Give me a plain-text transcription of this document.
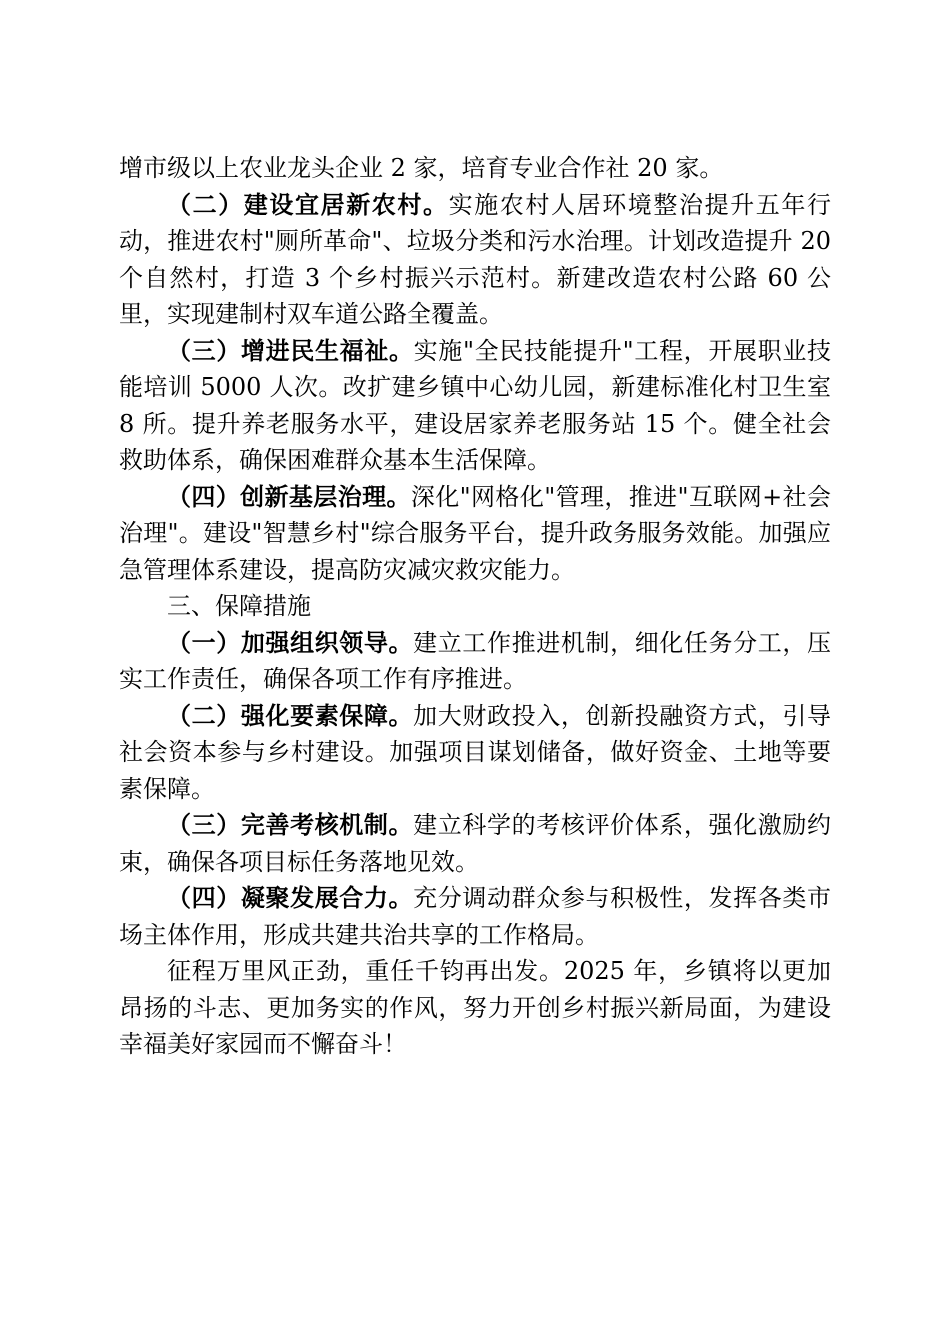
增市级以上农业龙头企业 2 家，培育专业合作社 20 家。

（二）建设宜居新农村。实施农村人居环境整治提升五年行动，推进农村"厕所革命"、垃圾分类和污水治理。计划改造提升 20 个自然村，打造 3 个乡村振兴示范村。新建改造农村公路 60 公里，实现建制村双车道公路全覆盖。

（三）增进民生福祉。实施"全民技能提升"工程，开展职业技能培训 5000 人次。改扩建乡镇中心幼儿园，新建标准化村卫生室 8 所。提升养老服务水平，建设居家养老服务站 15 个。健全社会救助体系，确保困难群众基本生活保障。

（四）创新基层治理。深化"网格化"管理，推进"互联网+社会治理"。建设"智慧乡村"综合服务平台，提升政务服务效能。加强应急管理体系建设，提高防灾减灾救灾能力。

三、保障措施

（一）加强组织领导。建立工作推进机制，细化任务分工，压实工作责任，确保各项工作有序推进。

（二）强化要素保障。加大财政投入，创新投融资方式，引导社会资本参与乡村建设。加强项目谋划储备，做好资金、土地等要素保障。

（三）完善考核机制。建立科学的考核评价体系，强化激励约束，确保各项目标任务落地见效。

（四）凝聚发展合力。充分调动群众参与积极性，发挥各类市场主体作用，形成共建共治共享的工作格局。

征程万里风正劲，重任千钧再出发。2025 年，乡镇将以更加昂扬的斗志、更加务实的作风，努力开创乡村振兴新局面，为建设幸福美好家园而不懈奋斗！
